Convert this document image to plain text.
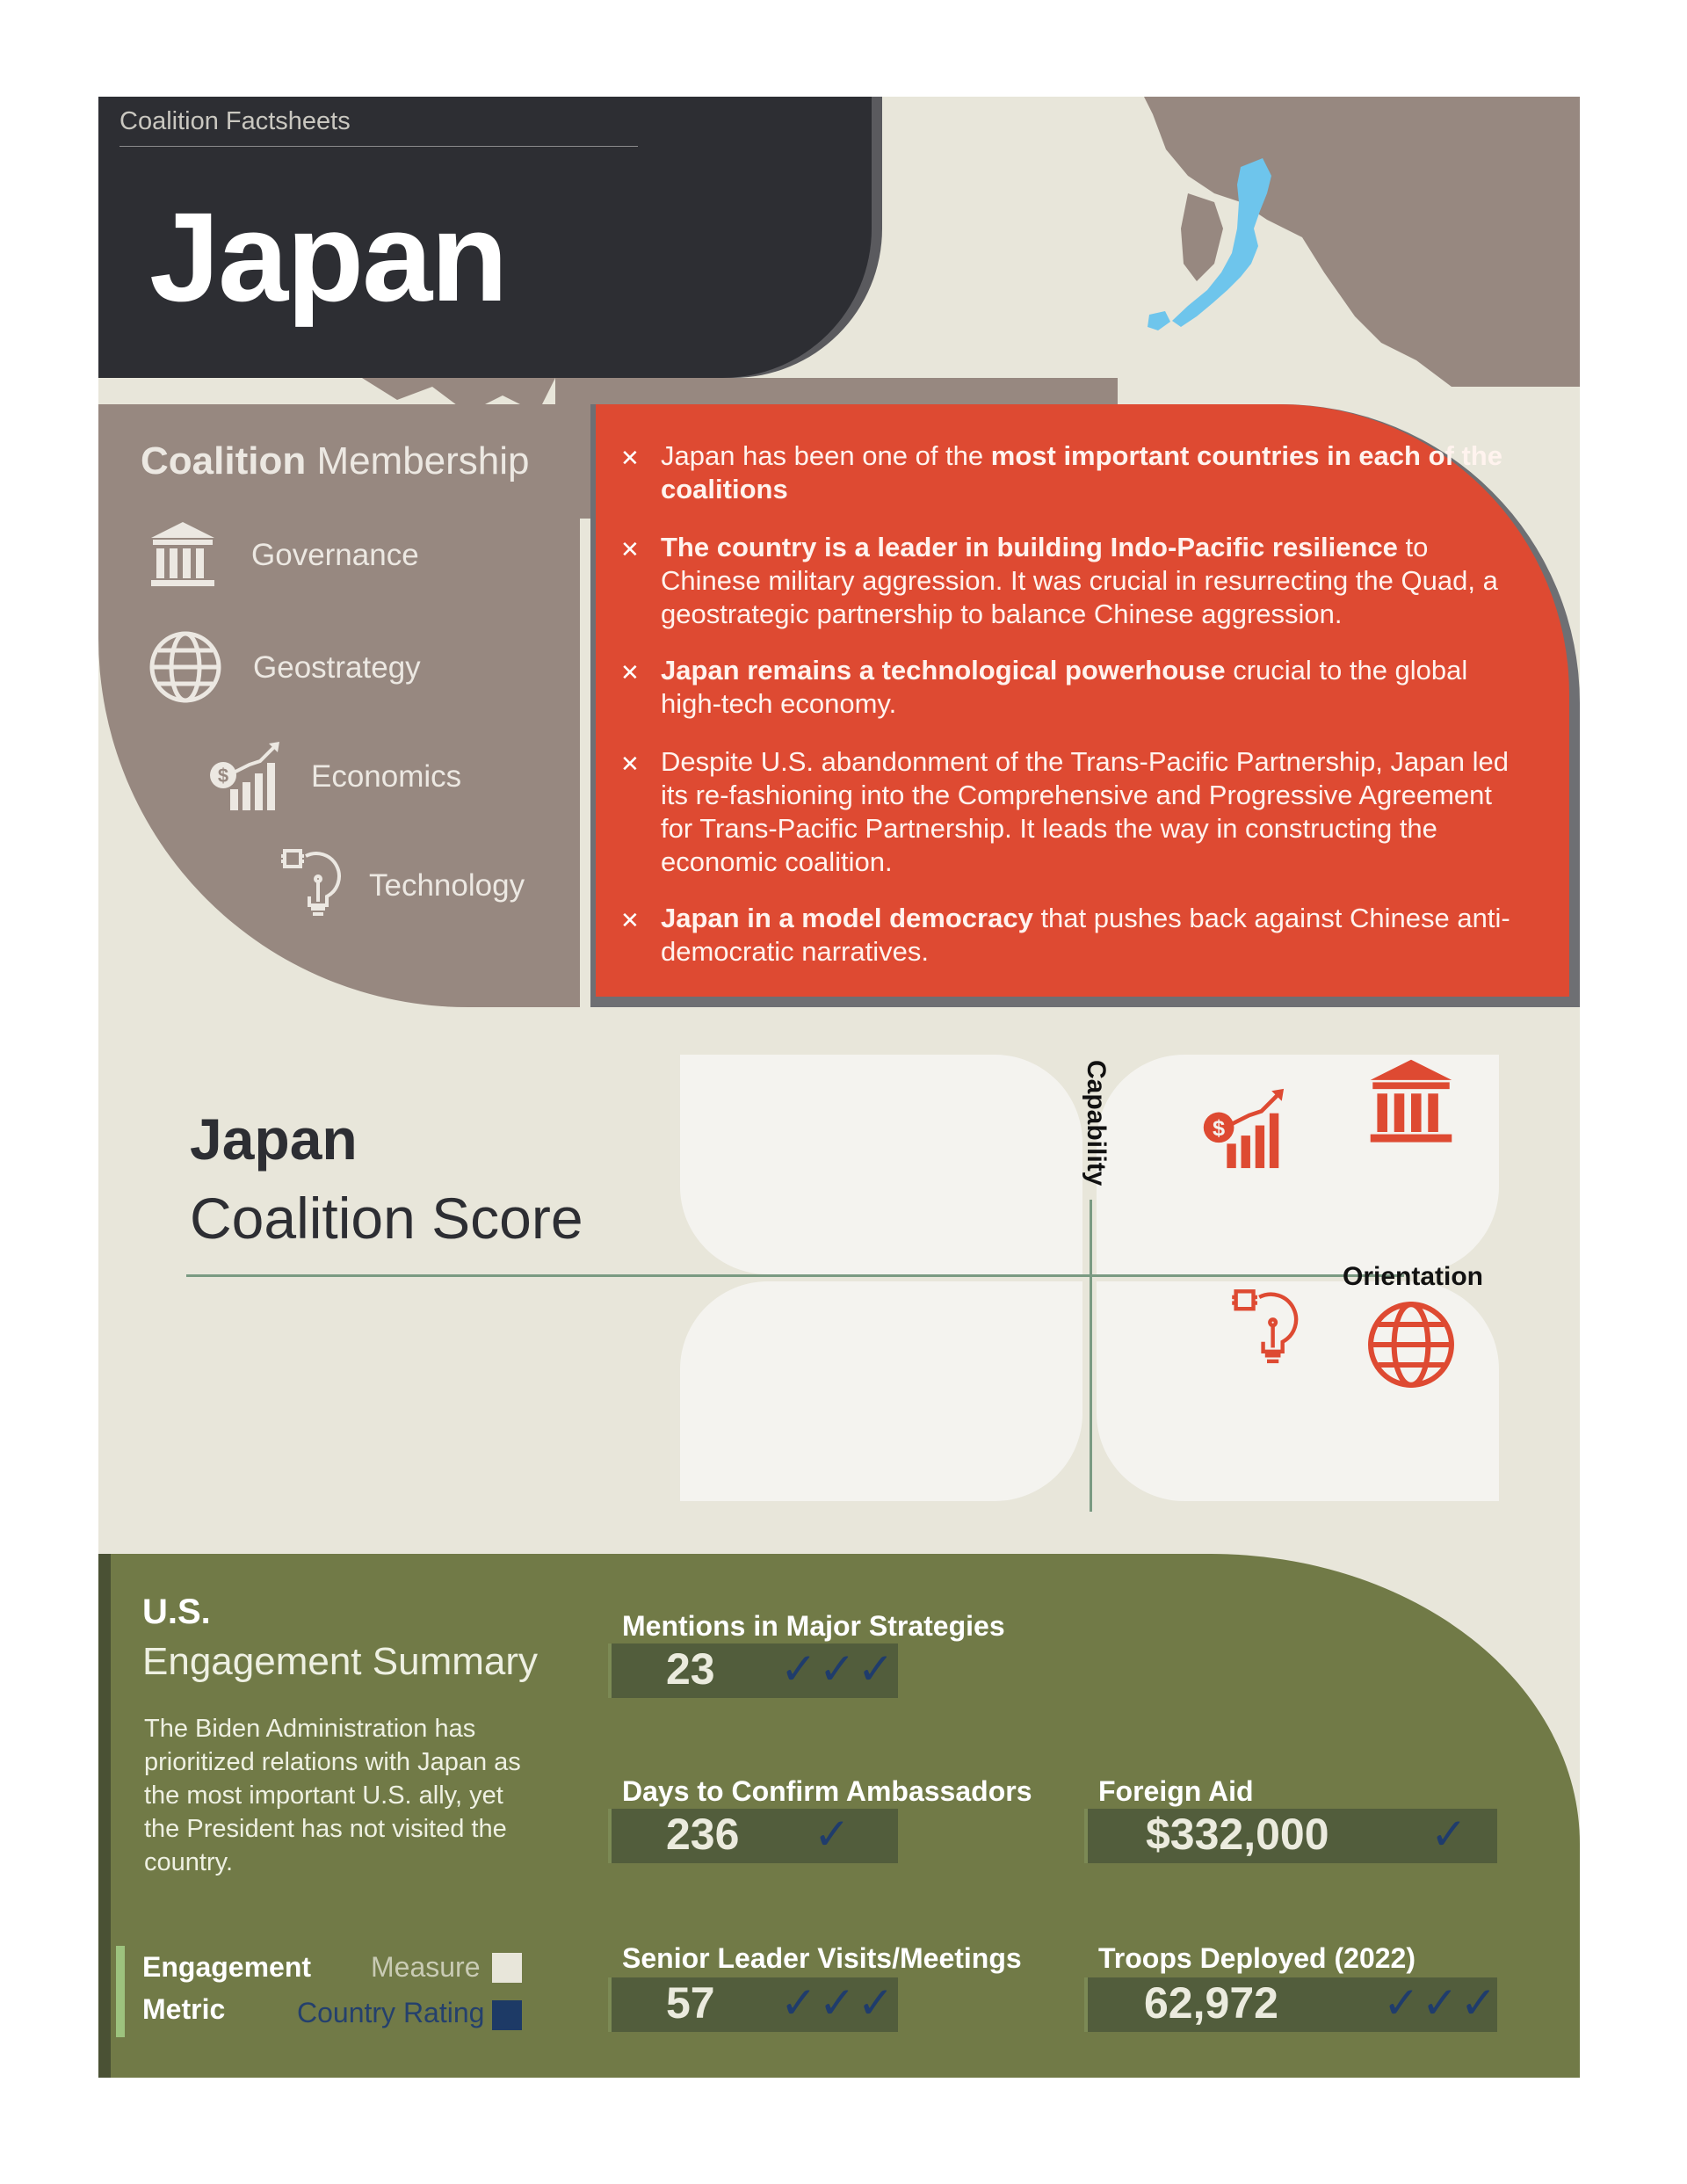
Coalition Factsheets
Japan
Coalition Membership
Governance
Geostrategy
$	Economics
Technology
✕ Japan has been one of the most important countries in each of the coalitions
✕ The country is a leader in building Indo-Pacific resilience to Chinese military aggression. It was crucial in resurrecting the Quad, a geostrategic partnership to balance Chinese aggression.
✕ Japan remains a technological powerhouse crucial to the global high-tech economy.
✕ Despite U.S. abandonment of the Trans-Pacific Partnership, Japan led its re-fashioning into the Comprehensive and Progressive Agreement for Trans-Pacific Partnership. It leads the way in constructing the economic coalition.
✕ Japan in a model democracy that pushes back against Chinese anti-democratic narratives.
Japan
Coalition Score
Capability
Orientation
$
U.S.
Engagement Summary
The Biden Administration has prioritized relations with Japan as the most important U.S. ally, yet the President has not visited the country.
Engagement
Metric
Measure
Country Rating
Mentions in Major Strategies
23 ✓✓✓
Days to Confirm Ambassadors
236 ✓
Foreign Aid
$332,000 ✓
Senior Leader Visits/Meetings
57 ✓✓✓
Troops Deployed (2022)
62,972 ✓✓✓
